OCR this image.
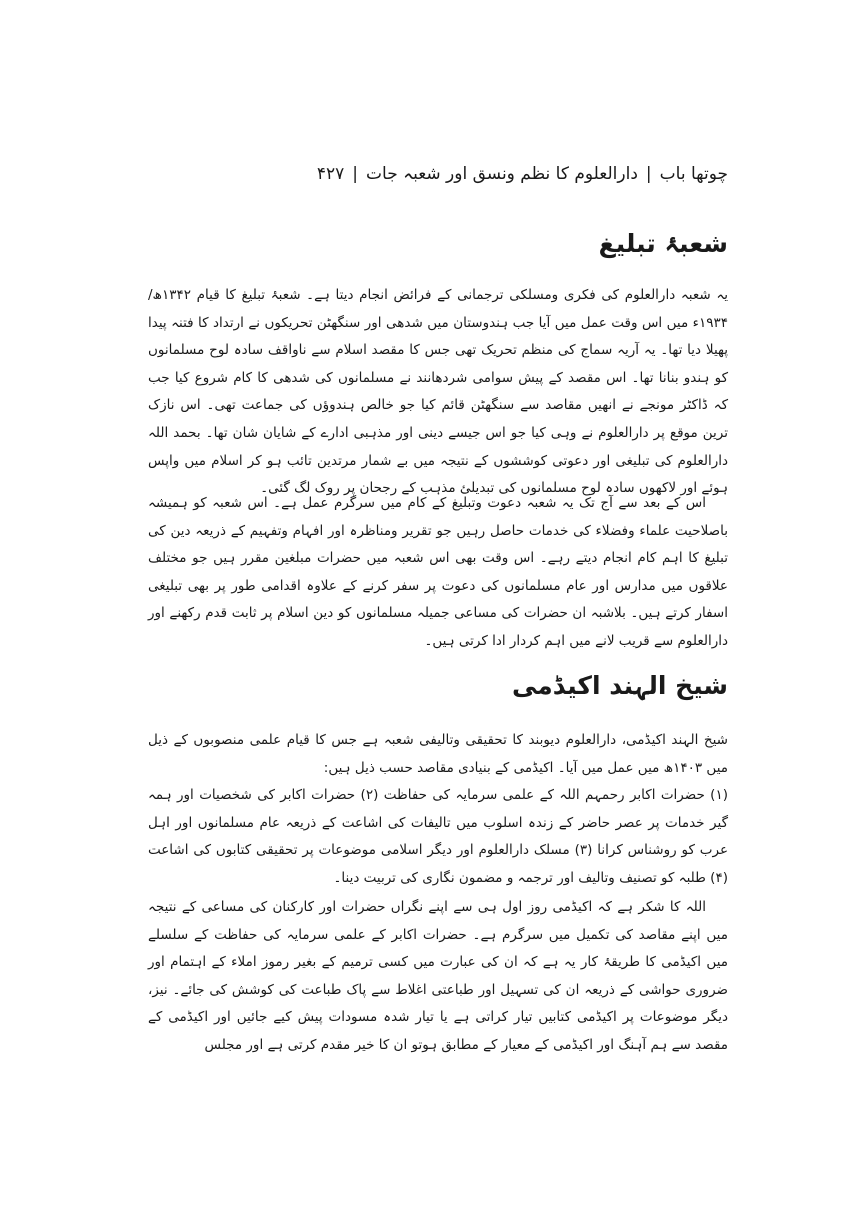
چوتھا باب|دارالعلوم کا نظم ونسق اور شعبہ جات|۴۲۷
شعبۂ تبلیغ

یہ شعبہ دارالعلوم کی فکری ومسلکی ترجمانی کے فرائض انجام دیتا ہے۔ شعبۂ تبلیغ کا قیام ۱۳۴۲ھ/۱۹۳۴ء میں اس وقت عمل میں آیا جب ہندوستان میں شدھی اور سنگھٹن تحریکوں نے ارتداد کا فتنہ پیدا پھیلا دیا تھا۔ یہ آریہ سماج کی منظم تحریک تھی جس کا مقصد اسلام سے ناواقف سادہ لوح مسلمانوں کو ہندو بنانا تھا۔ اس مقصد کے پیش سوامی شردھانند نے مسلمانوں کی شدھی کا کام شروع کیا جب کہ ڈاکٹر مونجے نے انھیں مقاصد سے سنگھٹن قائم کیا جو خالص ہندوؤں کی جماعت تھی۔ اس نازک ترین موقع پر دارالعلوم نے وہی کیا جو اس جیسے دینی اور مذہبی ادارے کے شایان شان تھا۔ بحمد اللہ دارالعلوم کی تبلیغی اور دعوتی کوششوں کے نتیجہ میں بے شمار مرتدین تائب ہو کر اسلام میں واپس ہوئے اور لاکھوں سادہ لوح مسلمانوں کی تبدیلئ مذہب کے رجحان پر روک لگ گئی۔

اس کے بعد سے آج تک یہ شعبہ دعوت وتبلیغ کے کام میں سرگرم عمل ہے۔ اس شعبہ کو ہمیشہ باصلاحیت علماء وفضلاء کی خدمات حاصل رہیں جو تقریر ومناظرہ اور افہام وتفہیم کے ذریعہ دین کی تبلیغ کا اہم کام انجام دیتے رہے۔ اس وقت بھی اس شعبہ میں حضرات مبلغین مقرر ہیں جو مختلف علاقوں میں مدارس اور عام مسلمانوں کی دعوت پر سفر کرنے کے علاوہ اقدامی طور پر بھی تبلیغی اسفار کرتے ہیں۔ بلاشبہ ان حضرات کی مساعی جمیلہ مسلمانوں کو دین اسلام پر ثابت قدم رکھنے اور دارالعلوم سے قریب لانے میں اہم کردار ادا کرتی ہیں۔

شیخ الہند اکیڈمی

شیخ الہند اکیڈمی، دارالعلوم دیوبند کا تحقیقی وتالیفی شعبہ ہے جس کا قیام علمی منصوبوں کے ذیل میں ۱۴۰۳ھ میں عمل میں آیا۔ اکیڈمی کے بنیادی مقاصد حسب ذیل ہیں:

(۱) حضرات اکابر رحمہم اللہ کے علمی سرمایہ کی حفاظت (۲) حضرات اکابر کی شخصیات اور ہمہ گیر خدمات پر عصر حاضر کے زندہ اسلوب میں تالیفات کی اشاعت کے ذریعہ عام مسلمانوں اور اہل عرب کو روشناس کرانا (۳) مسلک دارالعلوم اور دیگر اسلامی موضوعات پر تحقیقی کتابوں کی اشاعت (۴) طلبہ کو تصنیف وتالیف اور ترجمہ و مضمون نگاری کی تربیت دینا۔

اللہ کا شکر ہے کہ اکیڈمی روز اول ہی سے اپنے نگراں حضرات اور کارکنان کی مساعی کے نتیجہ میں اپنے مقاصد کی تکمیل میں سرگرم ہے۔ حضرات اکابر کے علمی سرمایہ کی حفاظت کے سلسلے میں اکیڈمی کا طریقۂ کار یہ ہے کہ ان کی عبارت میں کسی ترمیم کے بغیر رموز املاء کے اہتمام اور ضروری حواشی کے ذریعہ ان کی تسہیل اور طباعتی اغلاط سے پاک طباعت کی کوشش کی جائے۔ نیز، دیگر موضوعات پر اکیڈمی کتابیں تیار کراتی ہے یا تیار شدہ مسودات پیش کیے جائیں اور اکیڈمی کے مقصد سے ہم آہنگ اور اکیڈمی کے معیار کے مطابق ہوتو ان کا خیر مقدم کرتی ہے اور مجلس
